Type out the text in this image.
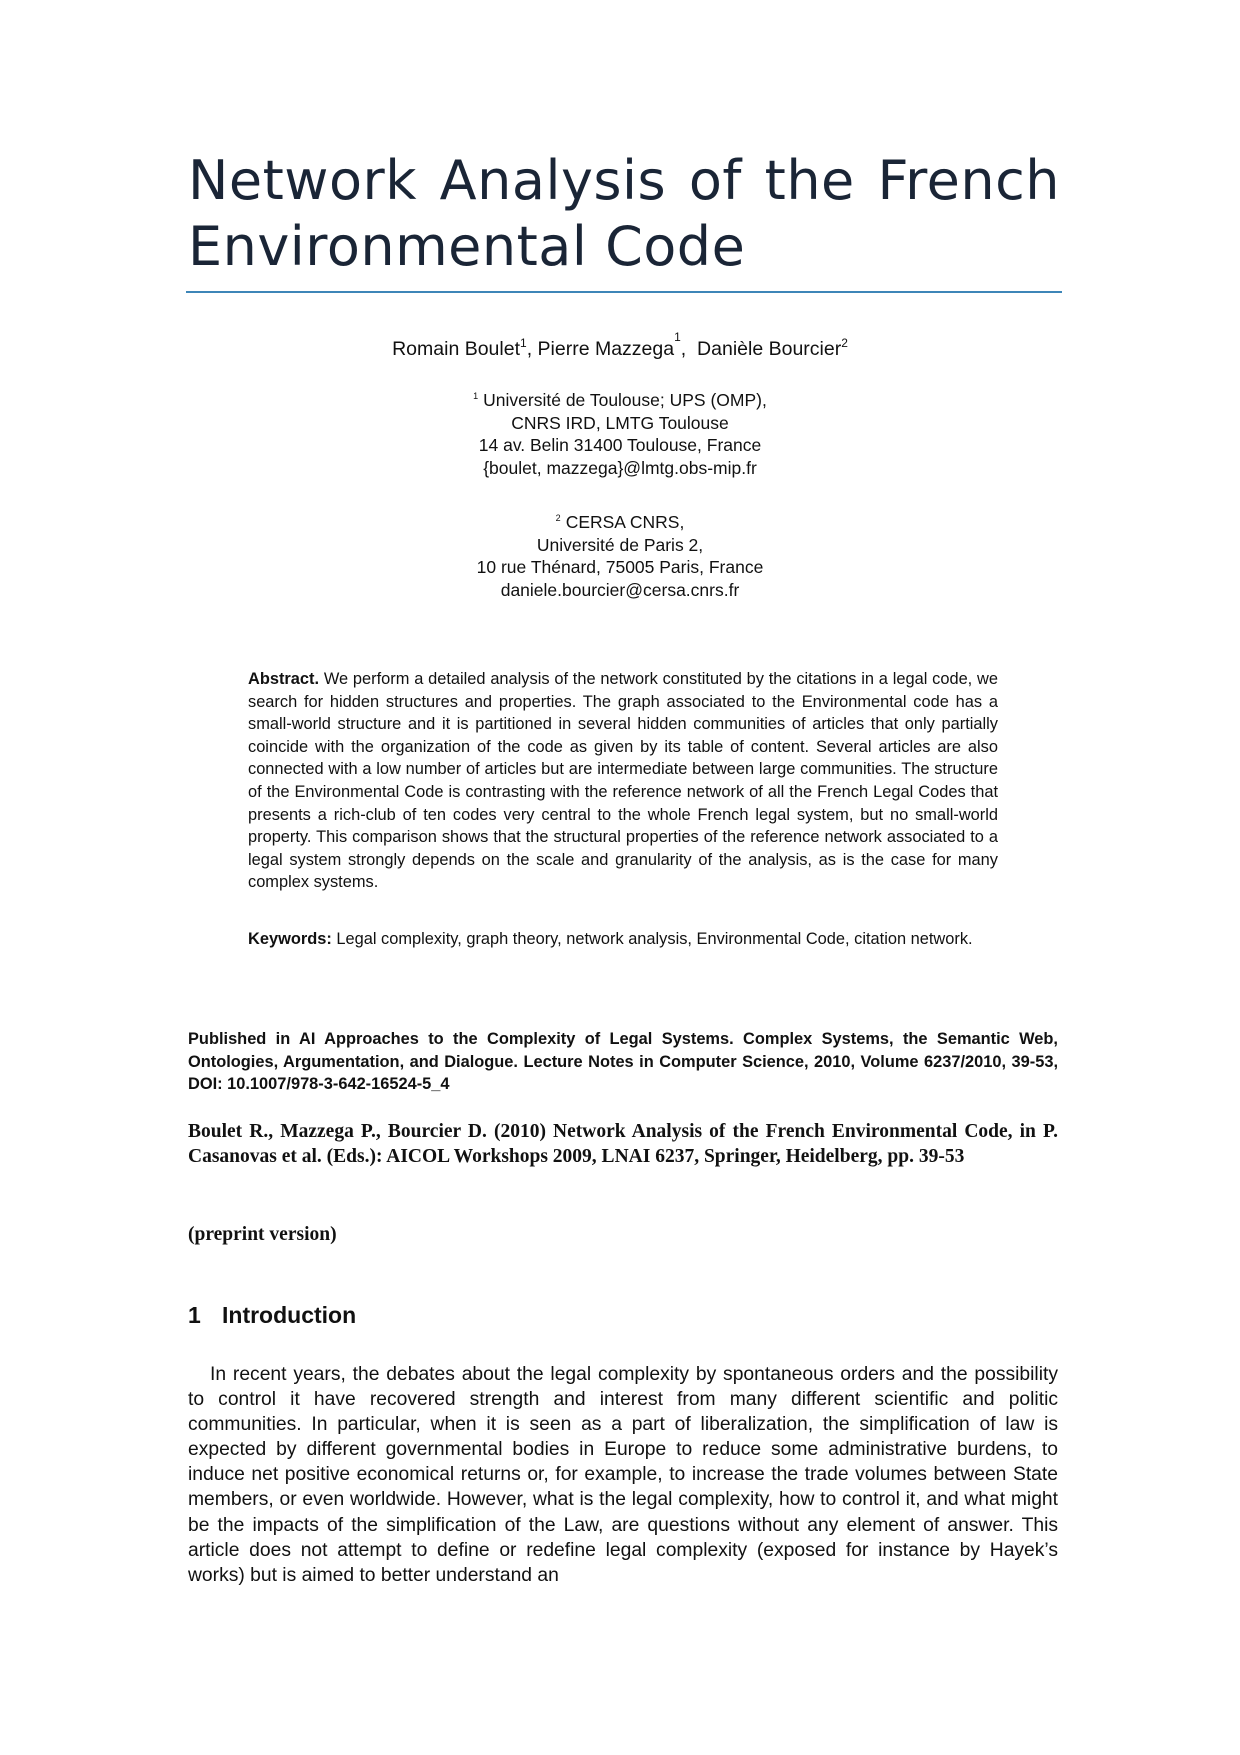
Network Analysis of the French
Environmental Code
Romain Boulet$^1$, Pierre Mazzega$^1$,  Danièle Bourcier$^2$
$^1$ Université de Toulouse; UPS (OMP),
CNRS IRD, LMTG Toulouse
14 av. Belin 31400 Toulouse, France
{boulet, mazzega}@lmtg.obs-mip.fr
$^2$ CERSA CNRS,
Université de Paris 2,
10 rue Thénard, 75005 Paris, France
daniele.bourcier@cersa.cnrs.fr

Abstract. We perform a detailed analysis of the network constituted by the citations in a legal code, we search for hidden structures and properties. The graph associated to the Environmental code has a small-world structure and it is partitioned in several hidden communities of articles that only partially coincide with the organization of the code as given by its table of content. Several articles are also connected with a low number of articles but are intermediate between large communities. The structure of the Environmental Code is contrasting with the reference network of all the French Legal Codes that presents a rich-club of ten codes very central to the whole French legal system, but no small-world property. This comparison shows that the structural properties of the reference network associated to a legal system strongly depends on the scale and granularity of the analysis, as is the case for many complex systems.

Keywords: Legal complexity, graph theory, network analysis, Environmental Code, citation network.

Published in AI Approaches to the Complexity of Legal Systems. Complex Systems, the Semantic Web, Ontologies, Argumentation, and Dialogue. Lecture Notes in Computer Science, 2010, Volume 6237/2010, 39-53, DOI: 10.1007/978-3-642-16524-5_4

Boulet R., Mazzega P., Bourcier D. (2010) Network Analysis of the French Environmental Code, in P. Casanovas et al. (Eds.): AICOL Workshops 2009, LNAI 6237, Springer, Heidelberg, pp. 39-53

(preprint version)

1 Introduction

In recent years, the debates about the legal complexity by spontaneous orders and the possibility to control it have recovered strength and interest from many different scientific and politic communities. In particular, when it is seen as a part of liberalization, the simplification of law is expected by different governmental bodies in Europe to reduce some administrative burdens, to induce net positive economical returns or, for example, to increase the trade volumes between State members, or even worldwide. However, what is the legal complexity, how to control it, and what might be the impacts of the simplification of the Law, are questions without any element of answer. This article does not attempt to define or redefine legal complexity (exposed for instance by Hayek’s works) but is aimed to better understand an
